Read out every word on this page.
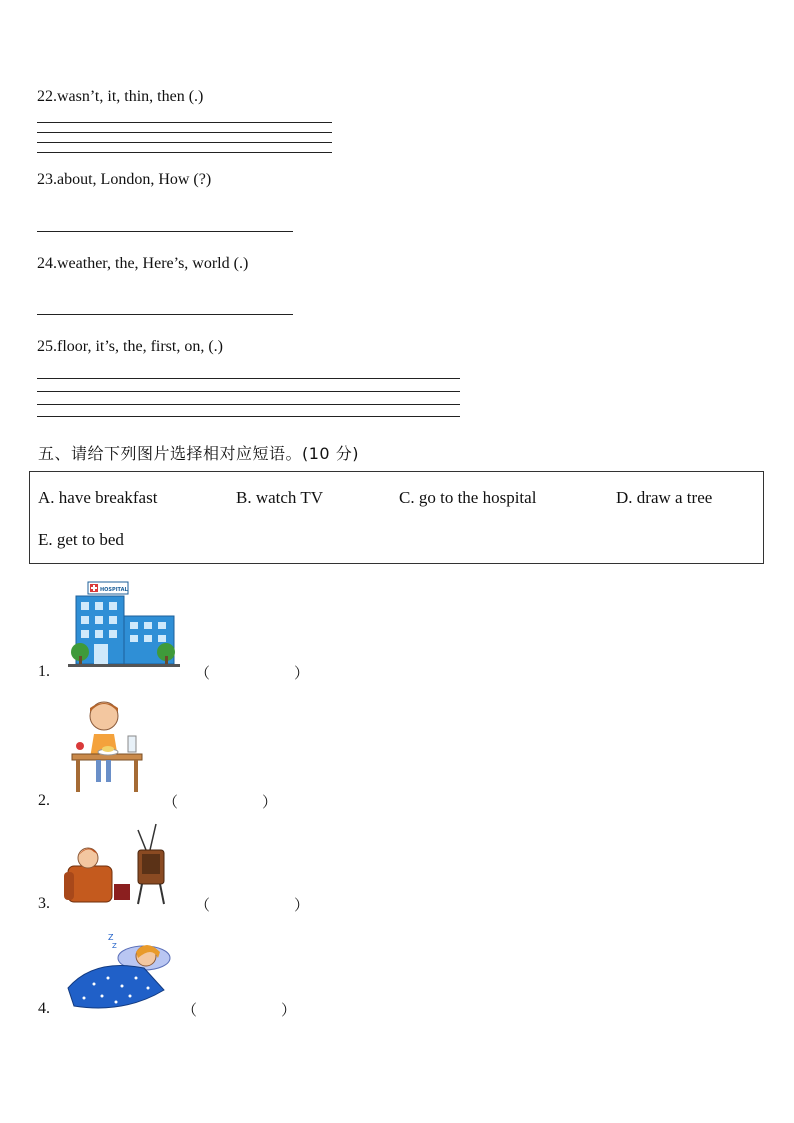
22.wasn’t, it, thin, then (.)
23.about, London, How (?)
24.weather, the, Here’s, world (.)
25.floor, it’s, the, first, on, (.)
五、请给下列图片选择相对应短语。(10 分)
A. have breakfast	B. watch TV	C. go to the hospital	D. draw a tree
E. get to bed
1.
HOSPITAL
（	）
2.	（	）
3.	（	）
4.
Z
Z
（	）
